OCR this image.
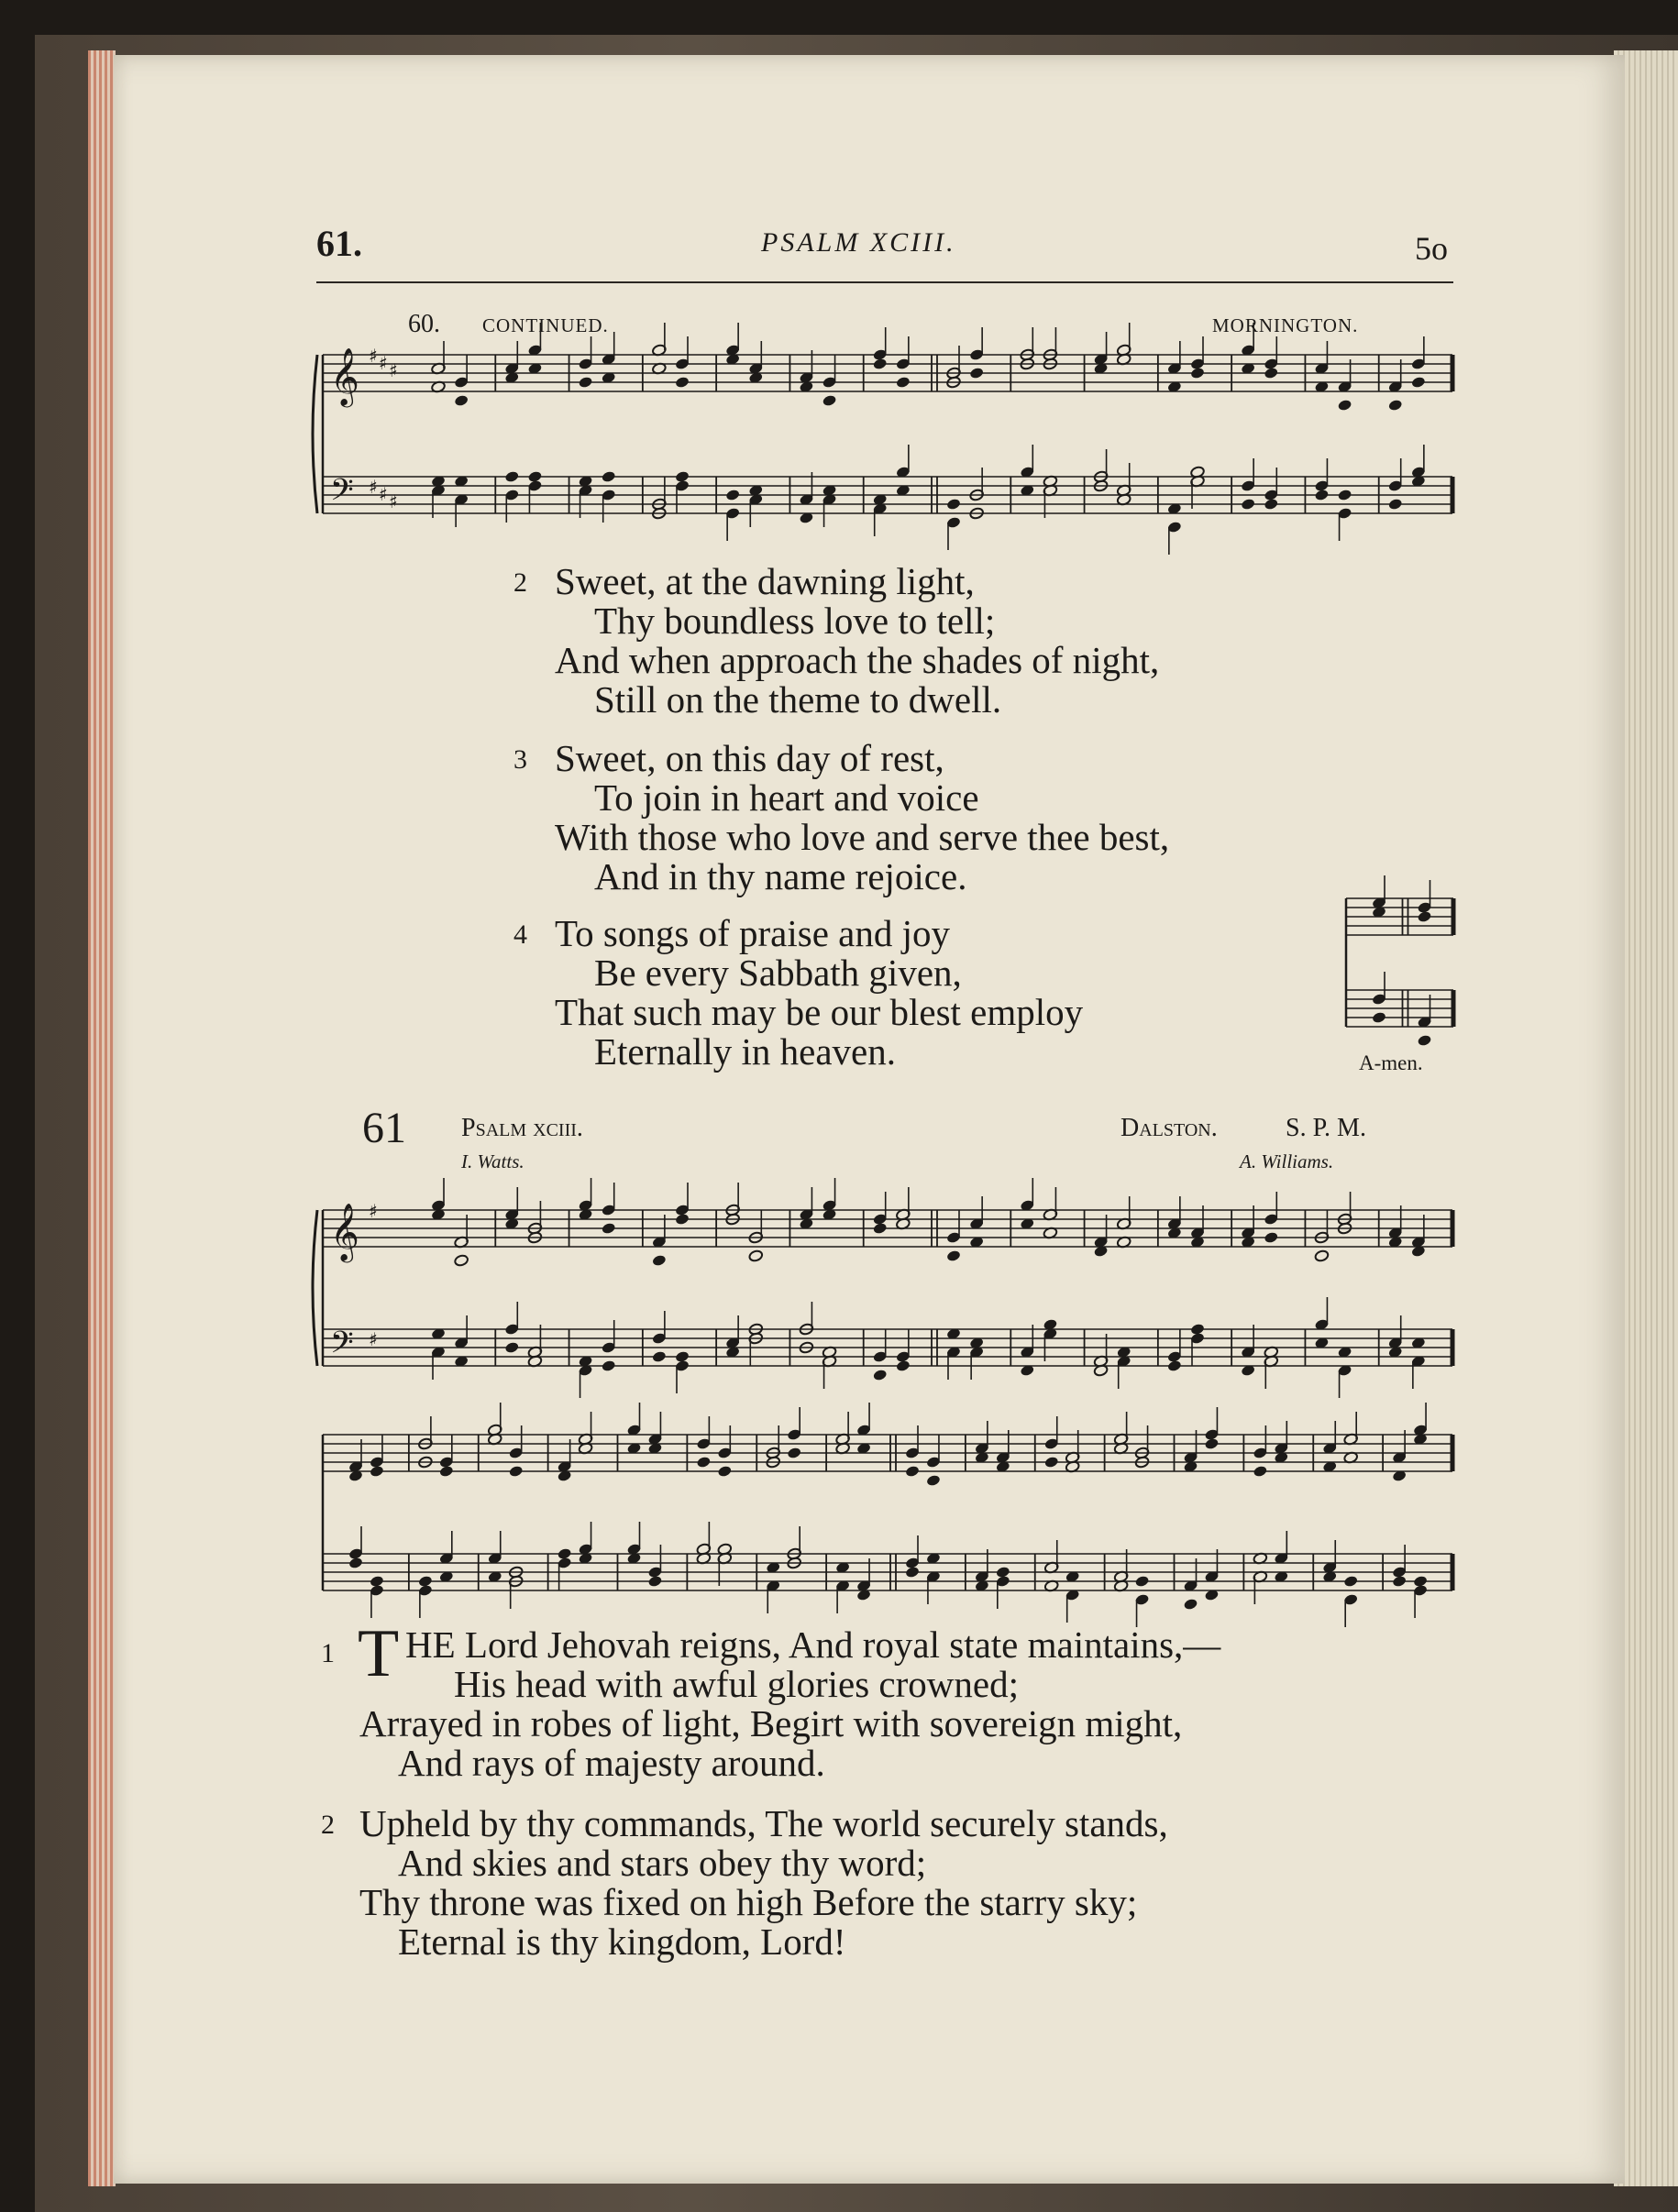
61.	PSALM XCIII.	5o
60. CONTINUED.	MORNINGTON.
𝄞
𝄢
♯
♯
♯
♯
♯
♯
2 Sweet, at the dawning light,
Thy boundless love to tell;
And when approach the shades of night,
Still on the theme to dwell.
3 Sweet, on this day of rest,
To join in heart and voice
With those who love and serve thee best,
And in thy name rejoice.
4 To songs of praise and joy
Be every Sabbath given,
That such may be our blest employ
Eternally in heaven.	A-men.
61 Psalm xciii.
I. Watts.
Dalston.	S. P. M.
A. Williams.
𝄞
𝄢
♯
♯
1 T HE Lord Jehovah reigns, And royal state maintains,—
His head with awful glories crowned;
Arrayed in robes of light, Begirt with sovereign might,
And rays of majesty around.
2 Upheld by thy commands, The world securely stands,
And skies and stars obey thy word;
Thy throne was fixed on high Before the starry sky;
Eternal is thy kingdom, Lord!
